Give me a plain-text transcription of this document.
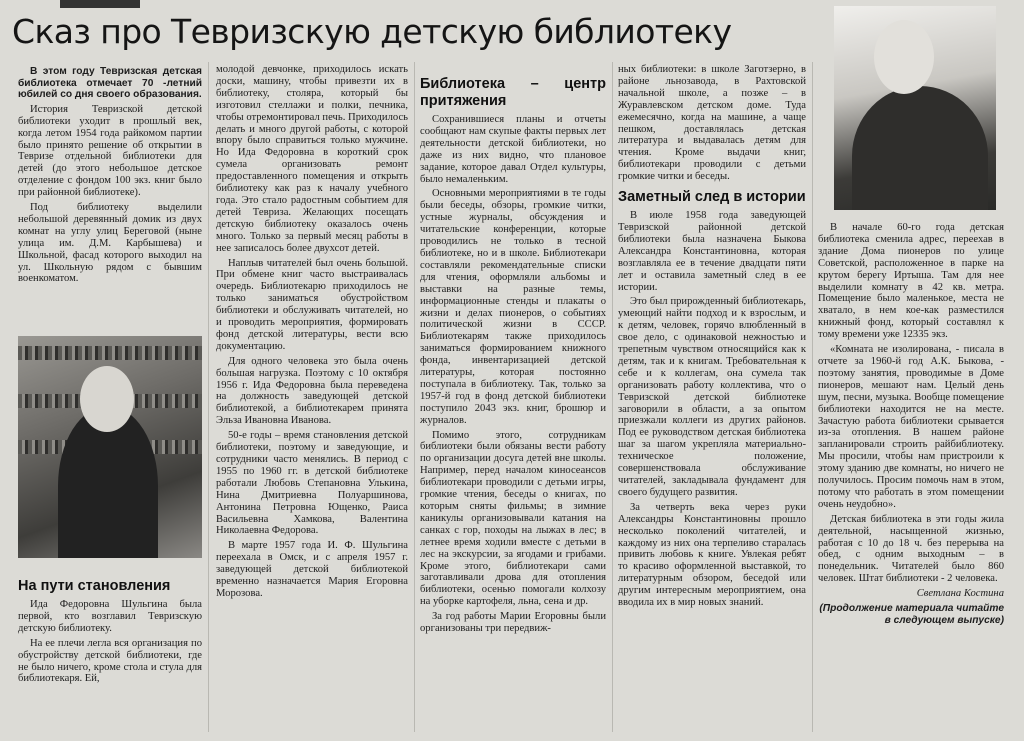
Сказ про Тевризскую детскую библиотеку

В этом году Тевризская детская библиотека отмечает 70 -летний юбилей со дня своего образования.

История Тевризской детской библиотеки уходит в прошлый век, когда летом 1954 года райкомом партии было принято решение об открытии в Тевризе отдельной библиотеки для детей (до этого небольшое детское отделение с фондом 100 экз. книг было при районной библиотеке).

Под библиотеку выделили небольшой деревянный домик из двух комнат на углу улиц Береговой (ныне улица им. Д.М. Карбышева) и Школьной, фасад которого выходил на ул. Школьную рядом с бывшим военкоматом.

На пути становления

Ида Федоровна Шульгина была первой, кто возглавил Тевризскую детскую библиотеку.

На ее плечи легла вся организация по обустройству детской библиотеки, где не было ничего, кроме стола и стула для библиотекаря. Ей,

молодой девчонке, приходилось искать доски, машину, чтобы привезти их в библиотеку, столяра, который бы изготовил стеллажи и полки, печника, чтобы отремонтировал печь. Приходилось делать и много другой работы, с которой впору было справиться только мужчине. Но Ида Федоровна в короткий срок сумела организовать ремонт предоставленного помещения и открыть библиотеку как раз к началу учебного года. Это стало радостным событием для детей Тевриза. Желающих посещать детскую библиотеку оказалось очень много. Только за первый месяц работы в нее записалось более двухсот детей.

Наплыв читателей был очень большой. При обмене книг часто выстраивалась очередь. Библиотекарю приходилось не только заниматься обустройством библиотеки и обслуживать читателей, но и проводить мероприятия, формировать фонд детской литературы, вести всю документацию.

Для одного человека это была очень большая нагрузка. Поэтому с 10 октября 1956 г. Ида Федоровна была переведена на должность заведующей детской библиотекой, а библиотекарем принята Эльза Ивановна Иванова.

50-е годы – время становления детской библиотеки, поэтому и заведующие, и сотрудники часто менялись. В период с 1955 по 1960 гг. в детской библиотеке работали Любовь Степановна Улькина, Нина Дмитриевна Полуаршинова, Антонина Петровна Ющенко, Раиса Васильевна Хамкова, Валентина Николаевна Федорова.

В марте 1957 года И. Ф. Шульгина переехала в Омск, и с апреля 1957 г. заведующей детской библиотекой временно назначается Мария Егоровна Морозова.

Библиотека – центр притяжения

Сохранившиеся планы и отчеты сообщают нам скупые факты первых лет деятельности детской библиотеки, но даже из них видно, что плановое задание, которое давал Отдел культуры, было немаленьким.

Основными мероприятиями в те годы были беседы, обзоры, громкие читки, устные журналы, обсуждения и читательские конференции, которые проводились не только в тесной библиотеке, но и в школе. Библиотекари составляли рекомендательные списки для чтения, оформляли альбомы и выставки на разные темы, информационные стенды и плакаты о жизни и делах пионеров, о событиях политической жизни в СССР. Библиотекарям также приходилось заниматься формированием книжного фонда, инвентаризацией детской литературы, которая постоянно поступала в библиотеку. Так, только за 1957-й год в фонд детской библиотеки поступило 2043 экз. книг, брошюр и журналов.

Помимо этого, сотрудникам библиотеки были обязаны вести работу по организации досуга детей вне школы. Например, перед началом киносеансов библиотекари проводили с детьми игры, громкие чтения, беседы о книгах, по которым сняты фильмы; в зимние каникулы организовывали катания на санках с гор, походы на лыжах в лес; в летнее время ходили вместе с детьми в лес на экскурсии, за ягодами и грибами. Кроме этого, библиотекари сами заготавливали дрова для отопления библиотеки, осенью помогали колхозу на уборке картофеля, льна, сена и др.

За год работы Марии Егоровны были организованы три передвиж-

ных библиотеки: в школе Заготзерно, в районе льнозавода, в Рахтовской начальной школе, а позже – в Журавлевском детском доме. Туда ежемесячно, когда на машине, а чаще пешком, доставлялась детская литература и выдавалась детям для чтения. Кроме выдачи книг, библиотекари проводили с детьми громкие читки и беседы.

Заметный след в истории

В июле 1958 года заведующей Тевризской районной детской библиотеки была назначена Быкова Александра Константиновна, которая возглавляла ее в течение двадцати пяти лет и оставила заметный след в ее истории.

Это был прирожденный библиотекарь, умеющий найти подход и к взрослым, и к детям, человек, горячо влюбленный в свое дело, с одинаковой нежностью и трепетным чувством относящийся как к детям, так и к книгам. Требовательная к себе и к коллегам, она сумела так организовать работу коллектива, что о Тевризской детской библиотеке заговорили в области, а за опытом приезжали коллеги из других районов. Под ее руководством детская библиотека шаг за шагом укрепляла материально-техническое положение, совершенствовала обслуживание читателей, закладывала фундамент для своего будущего развития.

За четверть века через руки Александры Константиновны прошло несколько поколений читателей, и каждому из них она терпеливо старалась привить любовь к книге. Увлекая ребят то красиво оформленной выставкой, то литературным обзором, беседой или другим интересным мероприятием, она вводила их в мир новых знаний.

В начале 60-го года детская библиотека сменила адрес, переехав в здание Дома пионеров по улице Советской, расположенное в парке на крутом берегу Иртыша. Там для нее выделили комнату в 42 кв. метра. Помещение было маленькое, места не хватало, в нем кое-как разместился книжный фонд, который составлял к тому времени уже 12335 экз.

«Комната не изолирована, - писала в отчете за 1960-й год А.К. Быкова, - поэтому занятия, проводимые в Доме пионеров, мешают нам. Целый день шум, песни, музыка. Вообще помещение библиотеки находится не на месте. Зачастую работа библиотеки срывается из-за отопления. В нашем районе запланировали строить райбиблиотеку. Мы просили, чтобы нам пристроили к этому зданию две комнаты, но ничего не получилось. Просим помочь нам в этом, потому что работать в этом помещении очень неудобно».

Детская библиотека в эти годы жила деятельной, насыщенной жизнью, работая с 10 до 18 ч. без перерыва на обед, с одним выходным – в понедельник. Читателей было 860 человек. Штат библиотеки - 2 человека.

Светлана Костина

(Продолжение материала читайте в следующем выпуске)
